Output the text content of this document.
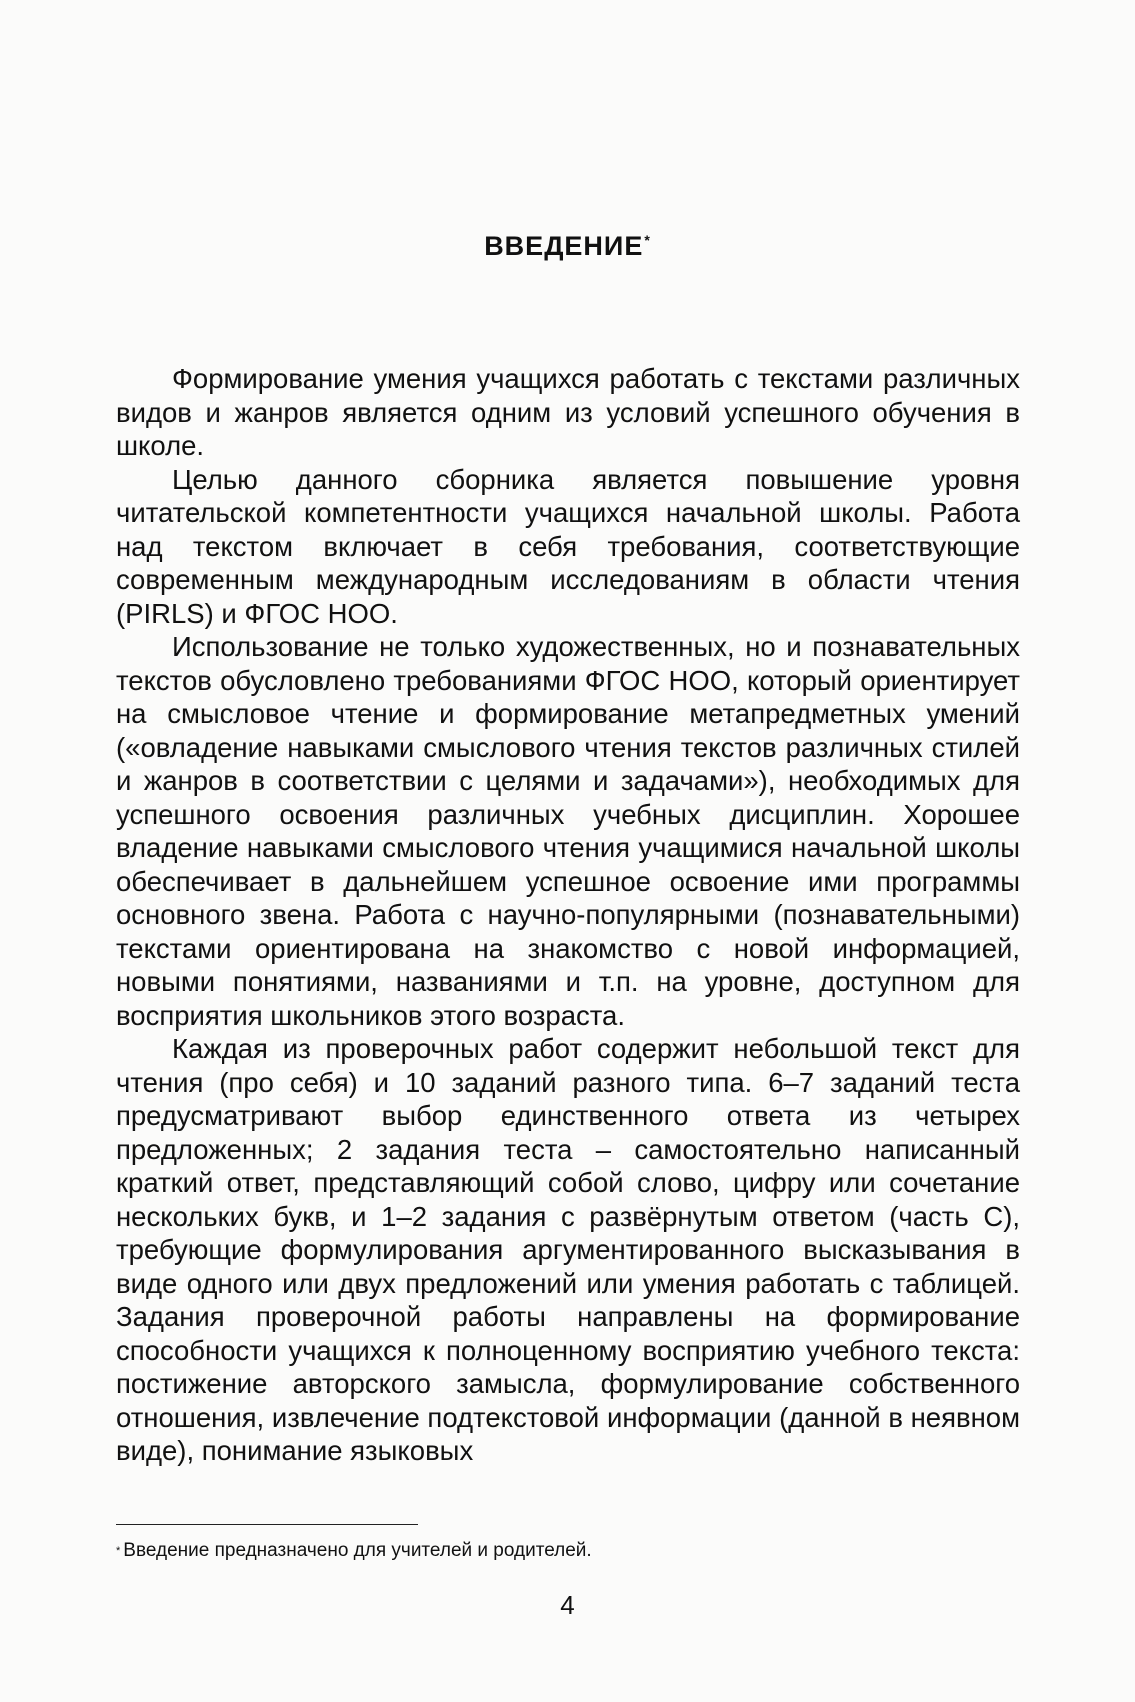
ВВЕДЕНИЕ*

Формирование умения учащихся работать с текстами различных видов и жанров является одним из условий успешного обучения в школе.

Целью данного сборника является повышение уровня читательской компетентности учащихся начальной школы. Работа над текстом включает в себя требования, соответствующие современным международным исследованиям в области чтения (PIRLS) и ФГОС НОО.

Использование не только художественных, но и познавательных текстов обусловлено требованиями ФГОС НОО, который ориентирует на смысловое чтение и формирование метапредметных умений («овладение навыками смыслового чтения текстов различных стилей и жанров в соответствии с целями и задачами»), необходимых для успешного освоения различных учебных дисциплин. Хорошее владение навыками смыслового чтения учащимися начальной школы обеспечивает в дальнейшем успешное освоение ими программы основного звена. Работа с научно-популярными (познавательными) текстами ориентирована на знакомство с новой информацией, новыми понятиями, названиями и т.п. на уровне, доступном для восприятия школьников этого возраста.

Каждая из проверочных работ содержит небольшой текст для чтения (про себя) и 10 заданий разного типа. 6–7 заданий теста предусматривают выбор единственного ответа из четырех предложенных; 2 задания теста – самостоятельно написанный краткий ответ, представляющий собой слово, цифру или сочетание нескольких букв, и 1–2 задания с развёрнутым ответом (часть С), требующие формулирования аргументированного высказывания в виде одного или двух предложений или умения работать с таблицей. Задания проверочной работы направлены на формирование способности учащихся к полноценному восприятию учебного текста: постижение авторского замысла, формулирование собственного отношения, извлечение подтекстовой информации (данной в неявном виде), понимание языковых

* Введение предназначено для учителей и родителей.

4
